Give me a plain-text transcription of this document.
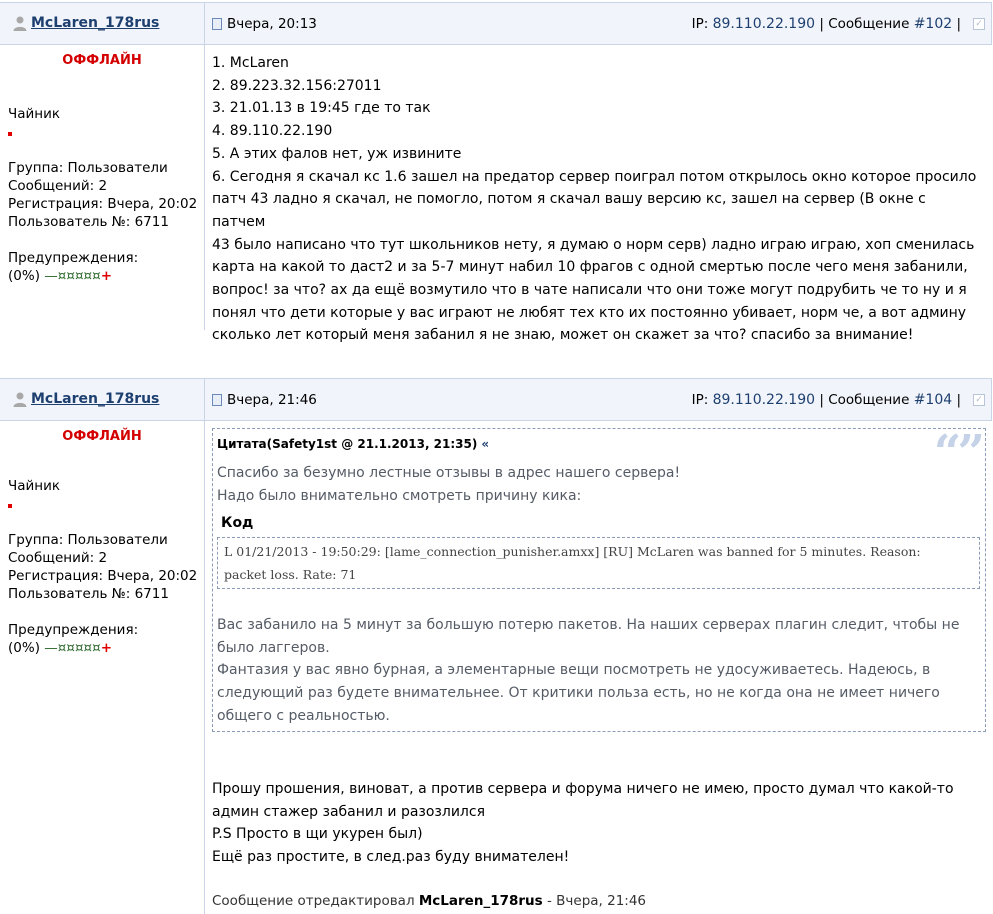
McLaren_178rus	Вчера, 20:13	IP: 89.110.22.190 | Сообщение #102 | ✓
ОФФЛАЙН
Чайник
Группа: Пользователи
Сообщений: 2
Регистрация: Вчера, 20:02
Пользователь №: 6711
Предупреждения:
(0%) —¤¤¤¤¤+
1. McLaren
2. 89.223.32.156:27011
3. 21.01.13 в 19:45 где то так
4. 89.110.22.190
5. А этих фалов нет, уж извините
6. Сегодня я скачал кс 1.6 зашел на предатор сервер поиграл потом открылось окно которое просило
патч 43 ладно я скачал, не помогло, потом я скачал вашу версию кс, зашел на сервер (В окне с патчем
43 было написано что тут школьников нету, я думаю о норм серв) ладно играю играю, хоп сменилась
карта на какой то даст2 и за 5-7 минут набил 10 фрагов с одной смертью после чего меня забанили,
вопрос! за что? ах да ещё возмутило что в чате написали что они тоже могут подрубить че то ну и я
понял что дети которые у вас играют не любят тех кто их постоянно убивает, норм че, а вот админу
сколько лет который меня забанил я не знаю, может он скажет за что? спасибо за внимание!
McLaren_178rus	Вчера, 21:46	IP: 89.110.22.190 | Сообщение #104 | ✓
ОФФЛАЙН
Чайник
Группа: Пользователи
Сообщений: 2
Регистрация: Вчера, 20:02
Пользователь №: 6711
Предупреждения:
(0%) —¤¤¤¤¤+
Цитата(Safety1st @ 21.1.2013, 21:35) «	“”
Спасибо за безумно лестные отзывы в адрес нашего сервера!
Надо было внимательно смотреть причину кика:
Код
L 01/21/2013 - 19:50:29: [lame_connection_punisher.amxx] [RU] McLaren was banned for 5 minutes. Reason:
packet loss. Rate: 71
Вас забанило на 5 минут за большую потерю пакетов. На наших серверах плагин следит, чтобы не
было лаггеров.
Фантазия у вас явно бурная, а элементарные вещи посмотреть не удосуживаетесь. Надеюсь, в
следующий раз будете внимательнее. От критики польза есть, но не когда она не имеет ничего
общего с реальностью.
Прошу прошения, виноват, а против сервера и форума ничего не имею, просто думал что какой-то
админ стажер забанил и разозлился
P.S Просто в щи укурен был)
Ещё раз простите, в след.раз буду внимателен!
Сообщение отредактировал McLaren_178rus - Вчера, 21:46
